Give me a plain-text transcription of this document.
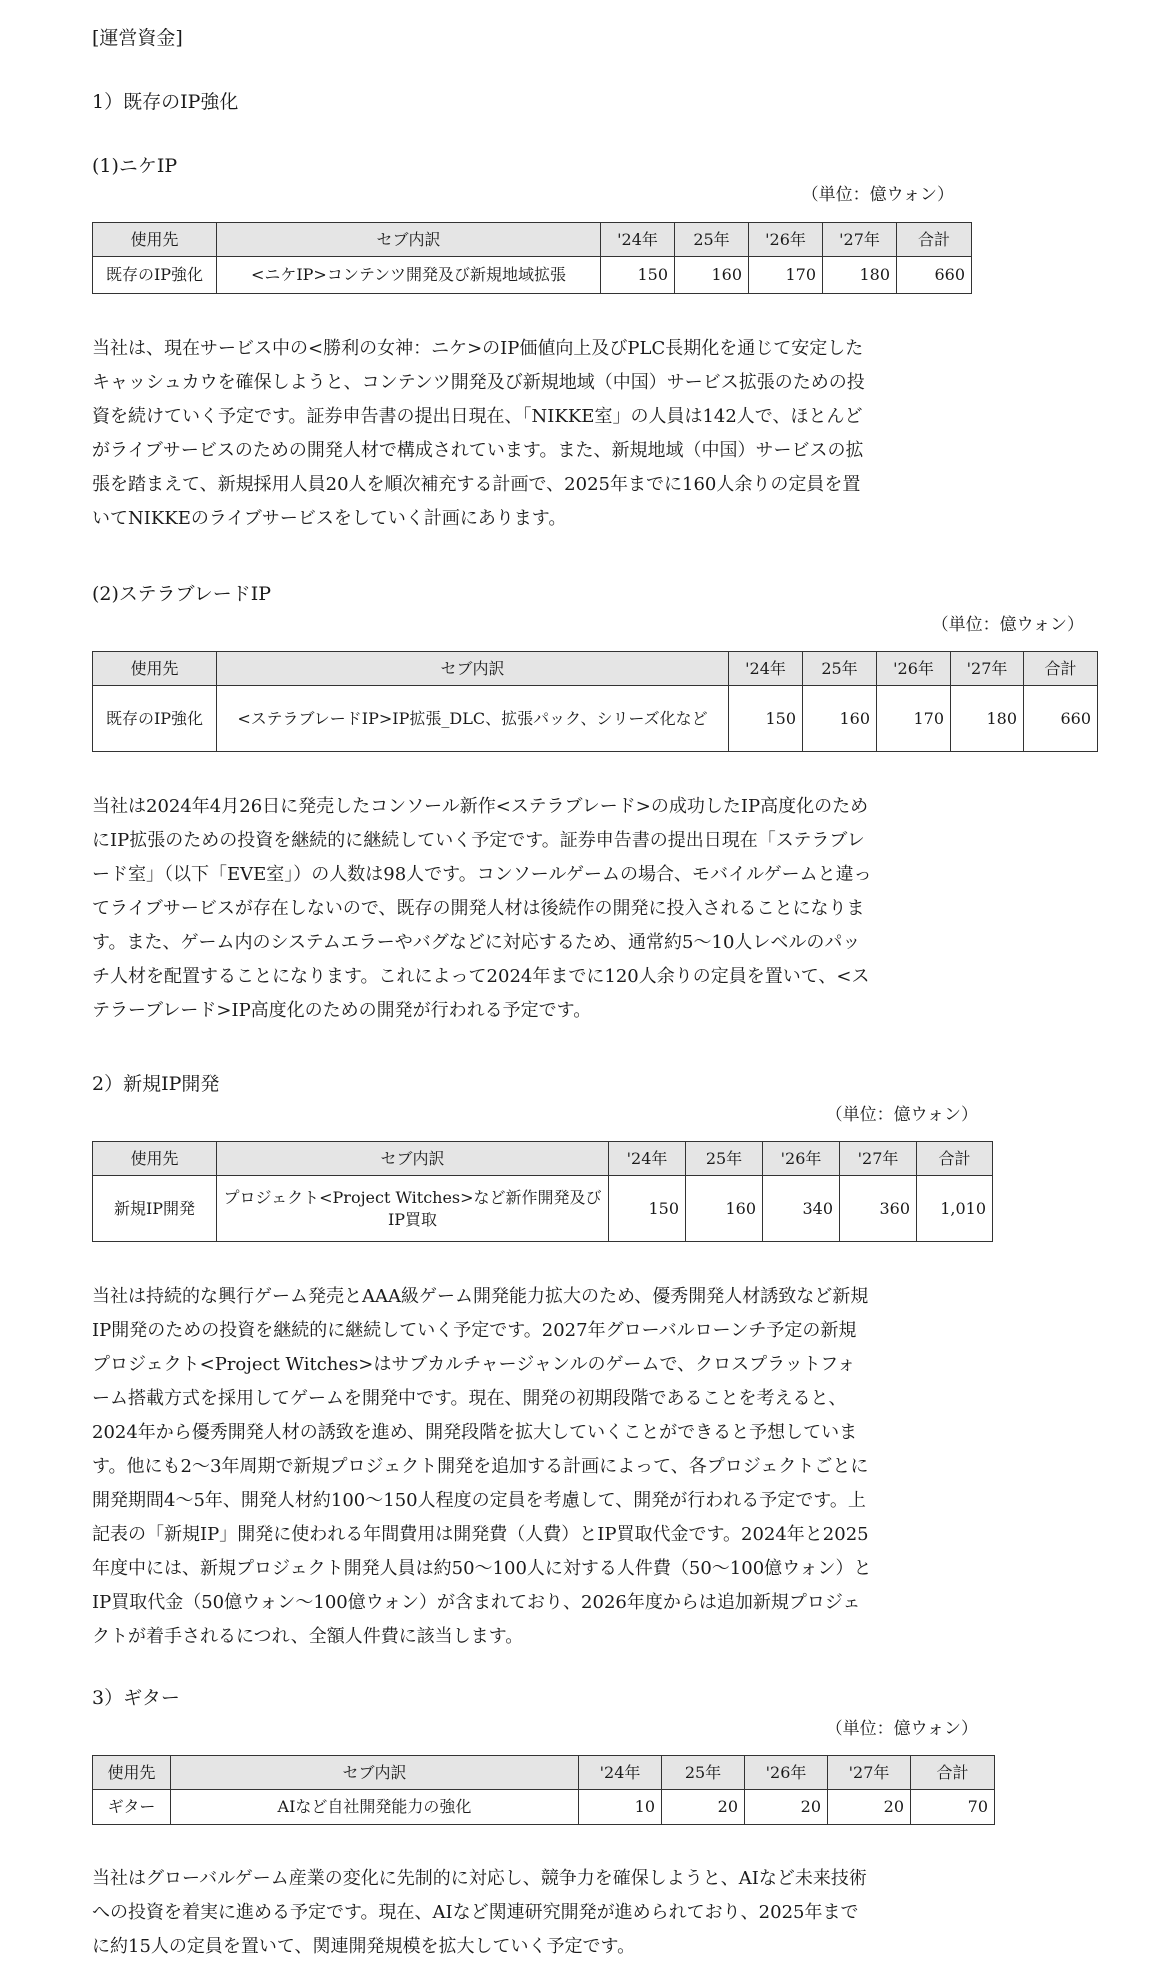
[運営資金]
1）既存のIP強化
(1)ニケIP
（単位：億ウォン）
使用先	セブ内訳	'24年	25年	'26年	'27年	合計
既存のIP強化	<ニケIP>コンテンツ開発及び新規地域拡張	150	160	170	180	660

当社は、現在サービス中の<勝利の女神：ニケ>のIP価値向上及びPLC長期化を通じて安定したキャッシュカウを確保しようと、コンテンツ開発及び新規地域（中国）サービス拡張のための投資を続けていく予定です。証券申告書の提出日現在、「NIKKE室」の人員は142人で、ほとんどがライブサービスのための開発人材で構成されています。また、新規地域（中国）サービスの拡張を踏まえて、新規採用人員20人を順次補充する計画で、2025年までに160人余りの定員を置いてNIKKEのライブサービスをしていく計画にあります。

(2)ステラブレードIP
（単位：億ウォン）
使用先	セブ内訳	'24年	25年	'26年	'27年	合計
既存のIP強化	<ステラブレードIP>IP拡張_DLC、拡張パック、シリーズ化など	150	160	170	180	660

当社は2024年4月26日に発売したコンソール新作<ステラブレード>の成功したIP高度化のためにIP拡張のための投資を継続的に継続していく予定です。証券申告書の提出日現在「ステラブレード室」（以下「EVE室」）の人数は98人です。コンソールゲームの場合、モバイルゲームと違ってライブサービスが存在しないので、既存の開発人材は後続作の開発に投入されることになります。また、ゲーム内のシステムエラーやバグなどに対応するため、通常約5〜10人レベルのパッチ人材を配置することになります。これによって2024年までに120人余りの定員を置いて、<ステラーブレード>IP高度化のための開発が行われる予定です。

2）新規IP開発
（単位：億ウォン）
使用先	セブ内訳	'24年	25年	'26年	'27年	合計
新規IP開発	プロジェクト<Project Witches>など新作開発及びIP買取	150	160	340	360	1,010

当社は持続的な興行ゲーム発売とAAA級ゲーム開発能力拡大のため、優秀開発人材誘致など新規IP開発のための投資を継続的に継続していく予定です。2027年グローバルローンチ予定の新規プロジェクト<Project Witches>はサブカルチャージャンルのゲームで、クロスプラットフォーム搭載方式を採用してゲームを開発中です。現在、開発の初期段階であることを考えると、2024年から優秀開発人材の誘致を進め、開発段階を拡大していくことができると予想しています。他にも2〜3年周期で新規プロジェクト開発を追加する計画によって、各プロジェクトごとに開発期間4〜5年、開発人材約100〜150人程度の定員を考慮して、開発が行われる予定です。上記表の「新規IP」開発に使われる年間費用は開発費（人費）とIP買取代金です。2024年と2025年度中には、新規プロジェクト開発人員は約50〜100人に対する人件費（50〜100億ウォン）とIP買取代金（50億ウォン〜100億ウォン）が含まれており、2026年度からは追加新規プロジェクトが着手されるにつれ、全額人件費に該当します。

3）ギター
（単位：億ウォン）
使用先	セブ内訳	'24年	25年	'26年	'27年	合計
ギター	AIなど自社開発能力の強化	10	20	20	20	70

当社はグローバルゲーム産業の変化に先制的に対応し、競争力を確保しようと、AIなど未来技術への投資を着実に進める予定です。現在、AIなど関連研究開発が進められており、2025年までに約15人の定員を置いて、関連開発規模を拡大していく予定です。
